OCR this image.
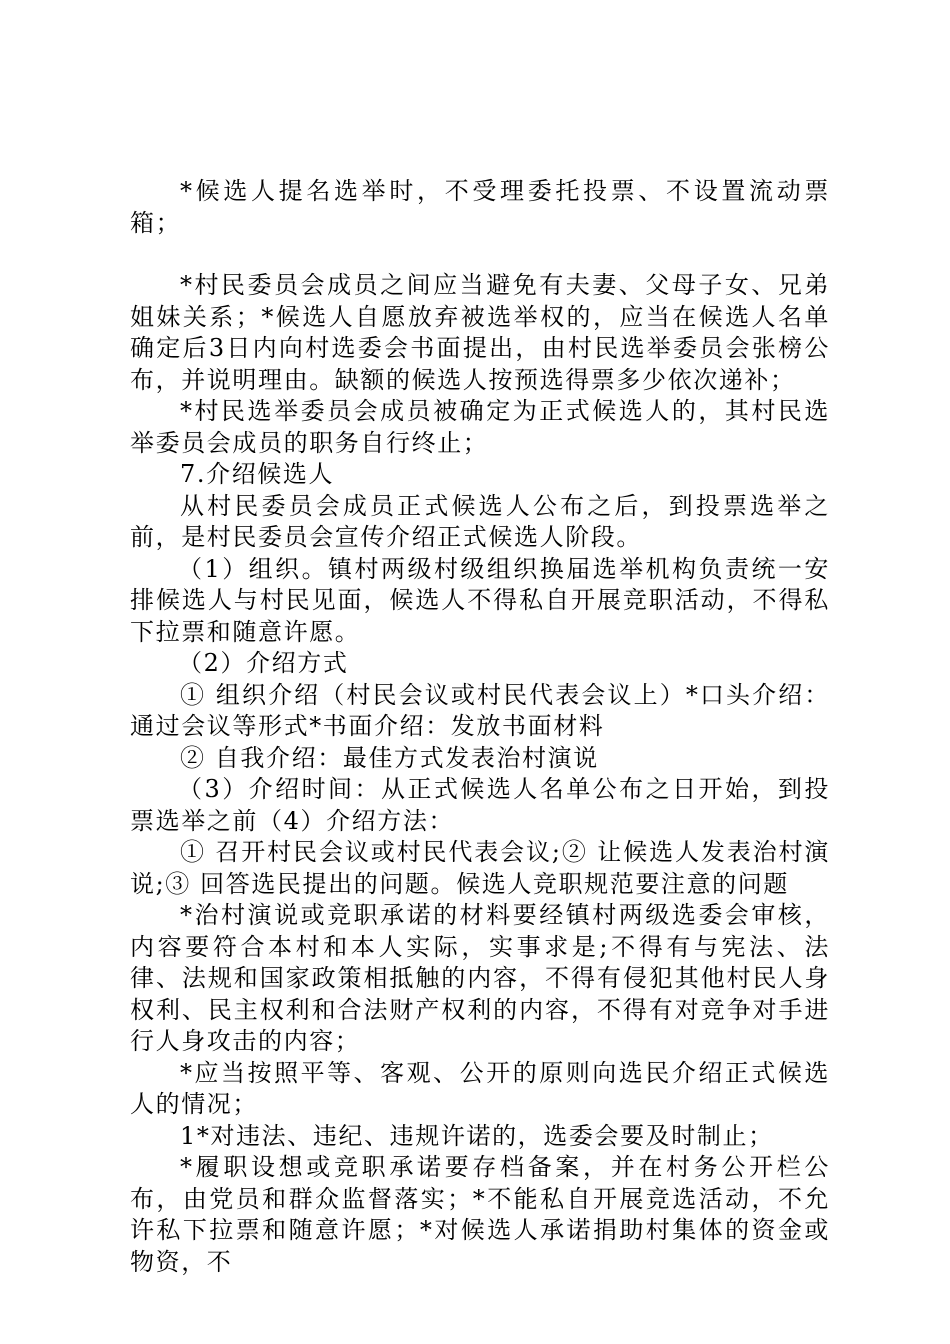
*候选人提名选举时，不受理委托投票、不设置流动票箱；

*村民委员会成员之间应当避免有夫妻、父母子女、兄弟姐妹关系；*候选人自愿放弃被选举权的，应当在候选人名单确定后3日内向村选委会书面提出，由村民选举委员会张榜公布，并说明理由。缺额的候选人按预选得票多少依次递补；

*村民选举委员会成员被确定为正式候选人的，其村民选举委员会成员的职务自行终止；

7.介绍候选人

从村民委员会成员正式候选人公布之后，到投票选举之前，是村民委员会宣传介绍正式候选人阶段。

（1）组织。镇村两级村级组织换届选举机构负责统一安排候选人与村民见面，候选人不得私自开展竞职活动，不得私下拉票和随意许愿。

（2）介绍方式

① 组织介绍（村民会议或村民代表会议上）*口头介绍：通过会议等形式*书面介绍：发放书面材料

② 自我介绍：最佳方式发表治村演说

（3）介绍时间：从正式候选人名单公布之日开始，到投票选举之前（4）介绍方法：

① 召开村民会议或村民代表会议;② 让候选人发表治村演说;③ 回答选民提出的问题。候选人竞职规范要注意的问题

*治村演说或竞职承诺的材料要经镇村两级选委会审核，内容要符合本村和本人实际，实事求是;不得有与宪法、法律、法规和国家政策相抵触的内容，不得有侵犯其他村民人身权利、民主权利和合法财产权利的内容，不得有对竞争对手进行人身攻击的内容；

*应当按照平等、客观、公开的原则向选民介绍正式候选人的情况；

1*对违法、违纪、违规许诺的，选委会要及时制止；

*履职设想或竞职承诺要存档备案，并在村务公开栏公布，由党员和群众监督落实；*不能私自开展竞选活动，不允许私下拉票和随意许愿；*对候选人承诺捐助村集体的资金或物资，不
